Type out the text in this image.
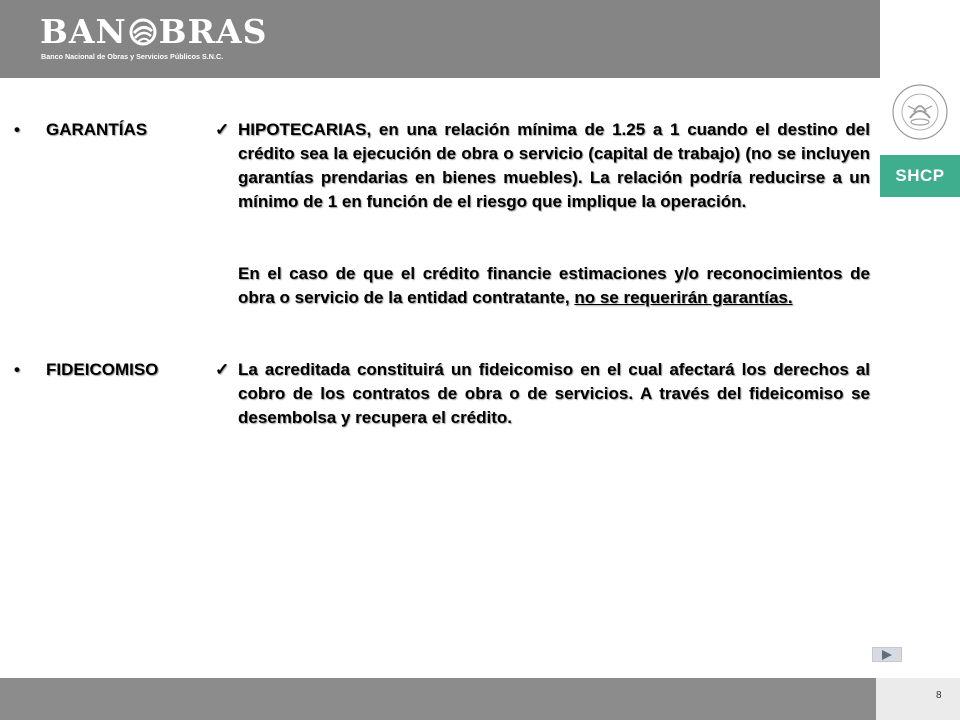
BAN BRAS
Banco Nacional de Obras y Servicios Públicos S.N.C.
SHCP
• GARANTÍAS	✓ HIPOTECARIAS, en una relación mínima de 1.25 a 1 cuando el destino del crédito sea la ejecución de obra o servicio (capital de trabajo) (no se incluyen garantías prendarias en bienes muebles). La relación podría reducirse a un mínimo de 1 en función de el riesgo que implique la operación.

En el caso de que el crédito financie estimaciones y/o reconocimientos de obra o servicio de la entidad contratante, no se requerirán garantías.

• FIDEICOMISO	✓ La acreditada constituirá un fideicomiso en el cual afectará los derechos al cobro de los contratos de obra o de servicios. A través del fideicomiso se desembolsa y recupera el crédito.

8
